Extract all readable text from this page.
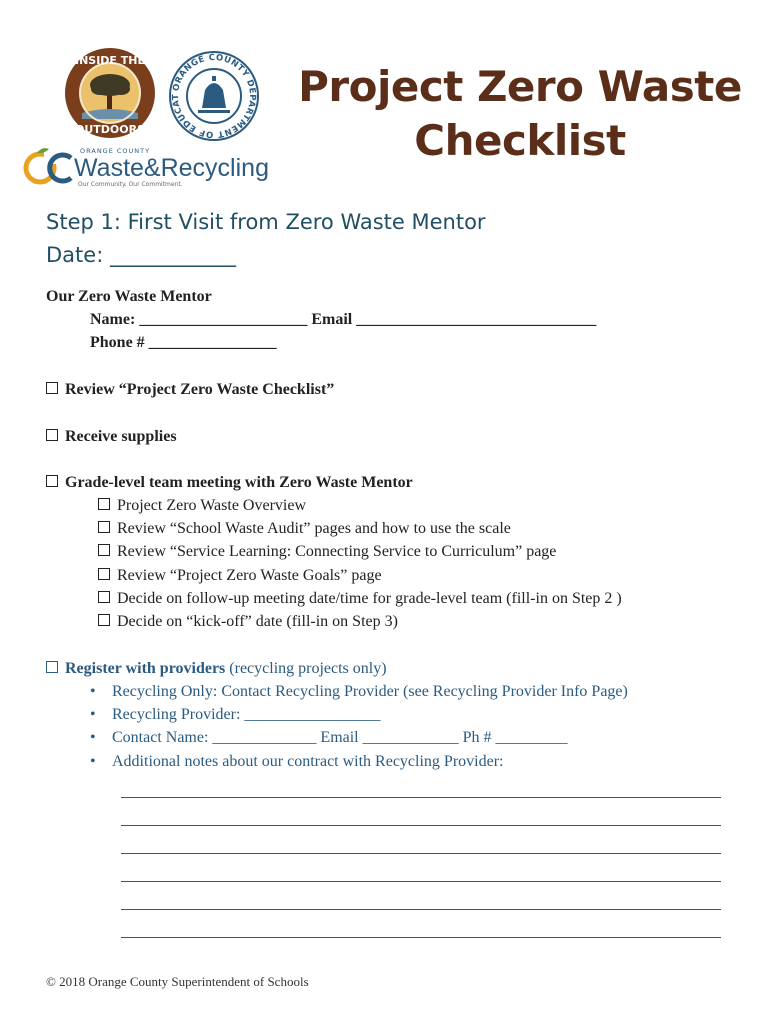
INSIDE THE
OUTDOORS
ORANGE COUNTY DEPARTMENT OF EDUCAT
ORANGE COUNTY
Waste&Recycling
Our Community. Our Commitment.
Project Zero Waste
Checklist
Step 1: First Visit from Zero Waste Mentor
Date: ____________
Our Zero Waste Mentor
Name: _____________________ Email ______________________________
Phone # ________________
Review “Project Zero Waste Checklist”
Receive supplies
Grade-level team meeting with Zero Waste Mentor
Project Zero Waste Overview
Review “School Waste Audit” pages and how to use the scale
Review “Service Learning: Connecting Service to Curriculum” page
Review “Project Zero Waste Goals” page
Decide on follow-up meeting date/time for grade-level team (fill-in on Step 2 )
Decide on “kick-off” date (fill-in on Step 3)
Register with providers (recycling projects only)
• Recycling Only: Contact Recycling Provider (see Recycling Provider Info Page)
• Recycling Provider: _________________
• Contact Name: _____________ Email ____________ Ph # _________
• Additional notes about our contract with Recycling Provider:
© 2018 Orange County Superintendent of Schools
